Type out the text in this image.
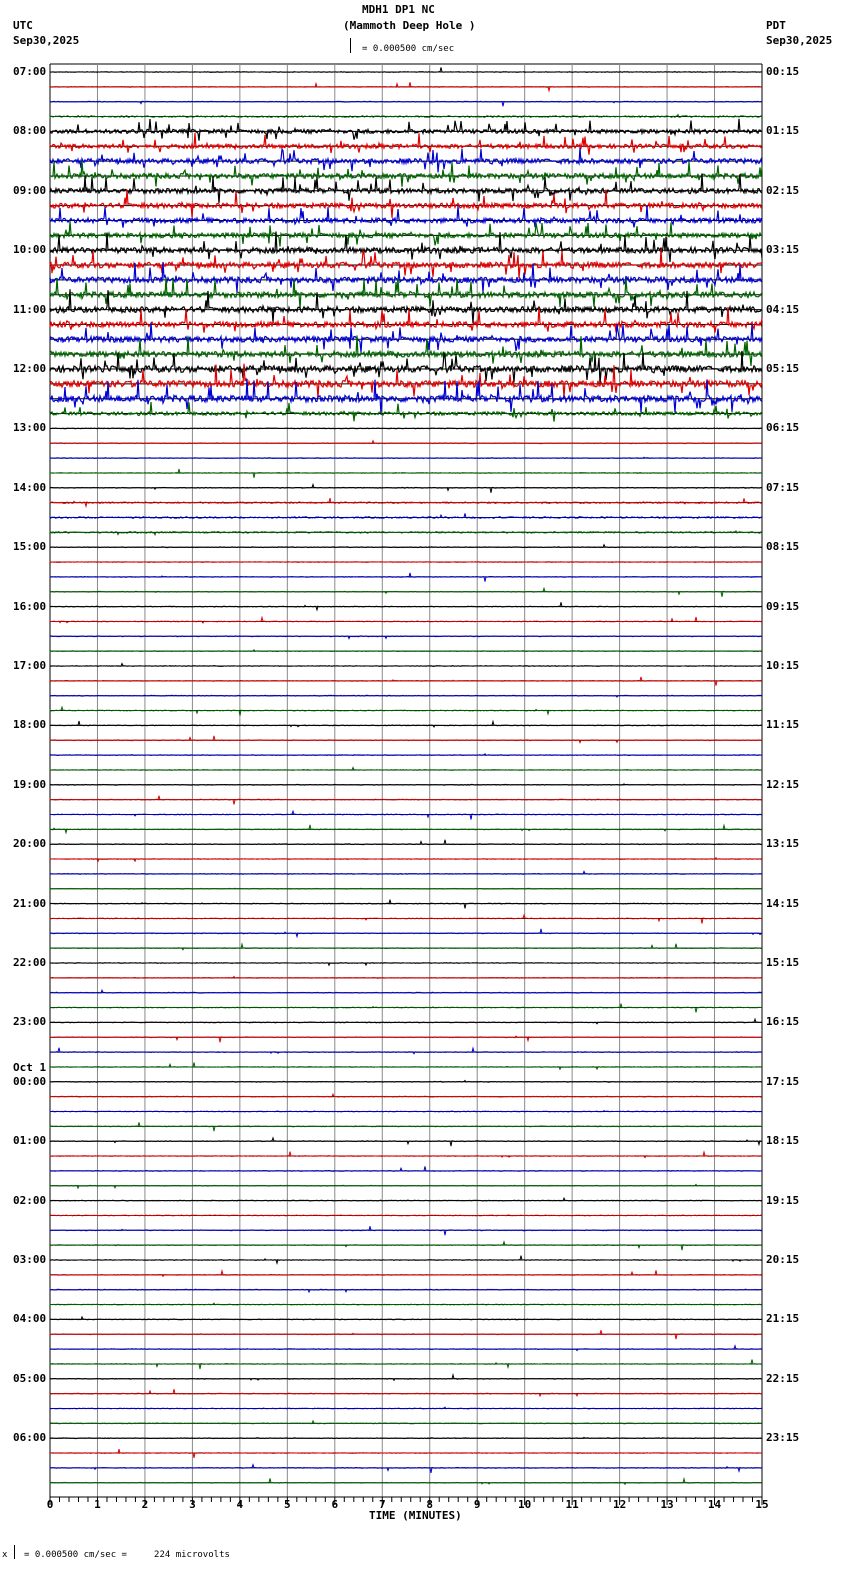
MDH1 DP1 NC
(Mammoth Deep Hole )
UTC
Sep30,2025
PDT
Sep30,2025
= 0.000500 cm/sec
0	1	2	3	4	5	6	7	8	9	10	11	12	13	14	15
07:00
08:00
09:00
10:00
11:00
12:00
13:00
14:00
15:00
16:00
17:00
18:00
19:00
20:00
21:00
22:00
23:00
00:00
Oct 1
01:00
02:00
03:00
04:00
05:00
06:00
00:15
01:15
02:15
03:15
04:15
05:15
06:15
07:15
08:15
09:15
10:15
11:15
12:15
13:15
14:15
15:15
16:15
17:15
18:15
19:15
20:15
21:15
22:15
23:15
TIME (MINUTES)
x = 0.000500 cm/sec =     224 microvolts
